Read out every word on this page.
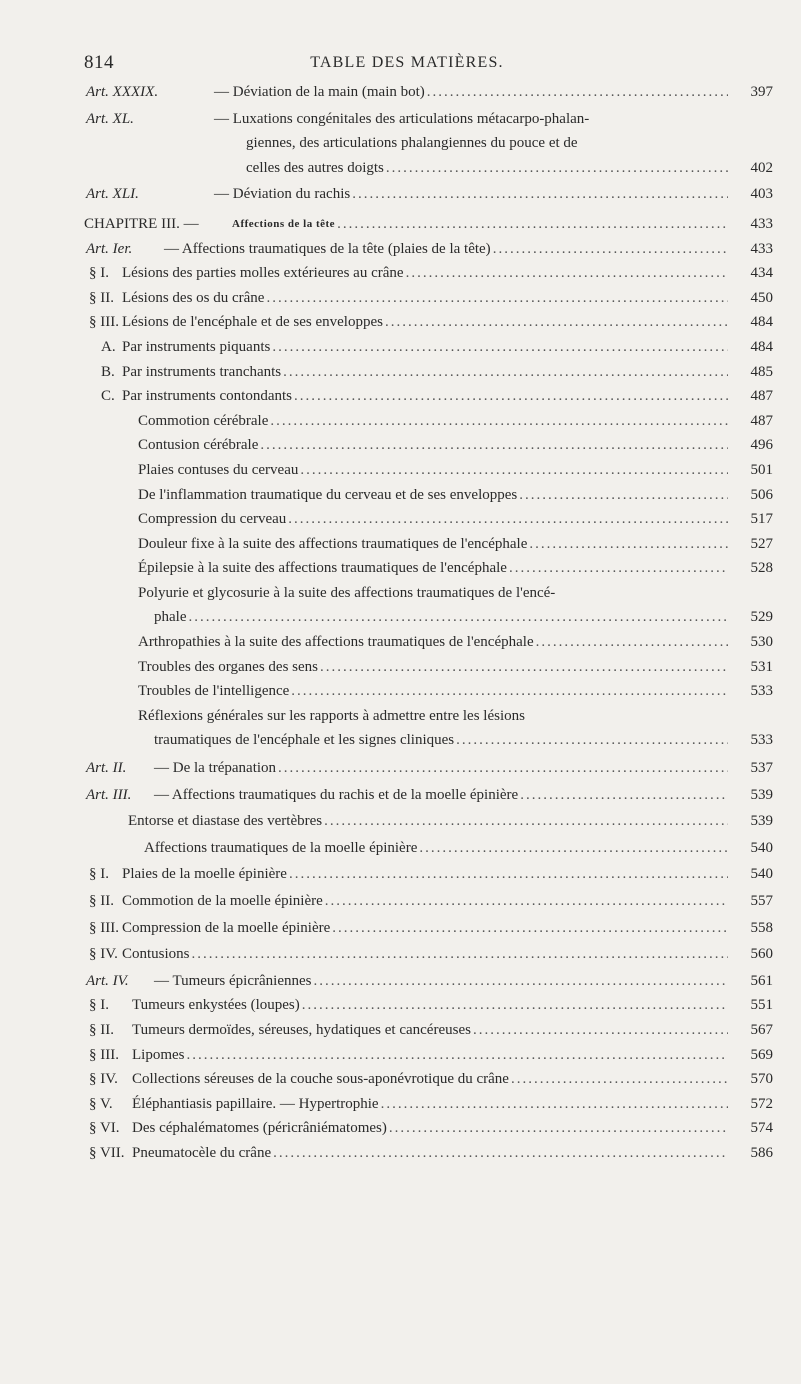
814	TABLE DES MATIÈRES.
Art. XXXIX.	— Déviation de la main (main bot) .....	397
Art. XL.	— Luxations congénitales des articulations métacarpo-phalan-
giennes, des articulations phalangiennes du pouce et de
celles des autres doigts .....	402
Art. XLI.	— Déviation du rachis .....	403
CHAPITRE III. —	Affections de la tête .....	433
Art. Ier. — Affections traumatiques de la tête (plaies de la tête) .....	433
§ I. Lésions des parties molles extérieures au crâne .....	434
§ II. Lésions des os du crâne .....	450
§ III. Lésions de l'encéphale et de ses enveloppes .....	484
A. Par instruments piquants .....	484
B. Par instruments tranchants .....	485
C. Par instruments contondants .....	487
Commotion cérébrale .....	487
Contusion cérébrale .....	496
Plaies contuses du cerveau .....	501
De l'inflammation traumatique du cerveau et de ses enveloppes .....	506
Compression du cerveau .....	517
Douleur fixe à la suite des affections traumatiques de l'encéphale .....	527
Épilepsie à la suite des affections traumatiques de l'encéphale .....	528
Polyurie et glycosurie à la suite des affections traumatiques de l'encé-
phale .....	529
Arthropathies à la suite des affections traumatiques de l'encéphale .....	530
Troubles des organes des sens .....	531
Troubles de l'intelligence .....	533
Réflexions générales sur les rapports à admettre entre les lésions
traumatiques de l'encéphale et les signes cliniques .....	533
Art. II. — De la trépanation .....	537
Art. III. — Affections traumatiques du rachis et de la moelle épinière .....	539
Entorse et diastase des vertèbres .....	539
Affections traumatiques de la moelle épinière .....	540
§ I. Plaies de la moelle épinière .....	540
§ II. Commotion de la moelle épinière .....	557
§ III. Compression de la moelle épinière .....	558
§ IV. Contusions .....	560
Art. IV. — Tumeurs épicrâniennes .....	561
§ I. Tumeurs enkystées (loupes) .....	551
§ II. Tumeurs dermoïdes, séreuses, hydatiques et cancéreuses .....	567
§ III. Lipomes .....	569
§ IV. Collections séreuses de la couche sous-aponévrotique du crâne .....	570
§ V. Éléphantiasis papillaire. — Hypertrophie .....	572
§ VI. Des céphalématomes (péricrâniématomes) .....	574
§ VII. Pneumatocèle du crâne .....	586
